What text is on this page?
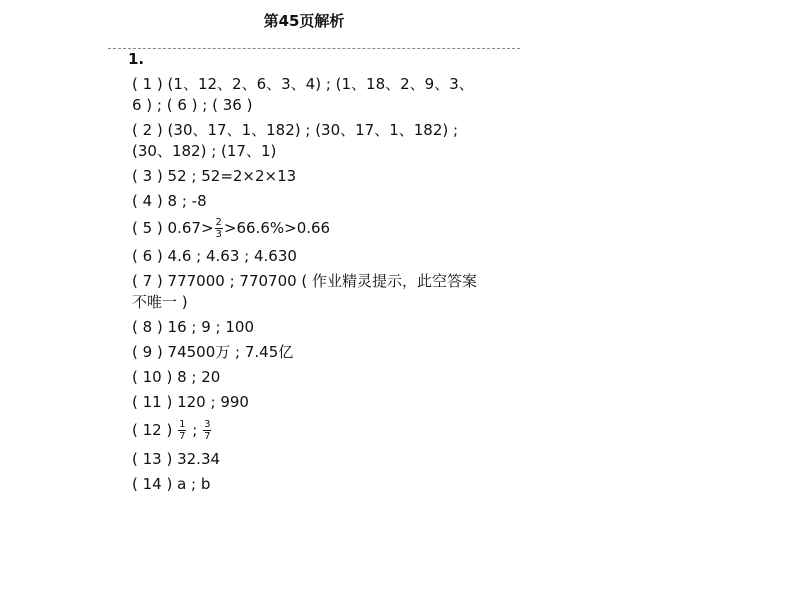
第45页解析
1.
( 1 ) (1、12、2、6、3、4) ; (1、18、2、9、3、
6 ) ; ( 6 ) ; ( 36 )
( 2 ) (30、17、1、182) ; (30、17、1、182) ;
(30、182) ; (17、1)
( 3 ) 52 ; 52=2×2×13
( 4 ) 8 ; -8
( 5 ) $0.67> \frac{2}{3} >66.6\%>0.66$
( 6 ) 4.6 ; 4.63 ; 4.630
( 7 ) 777000 ; 770700 ( 作业精灵提示，此空答案
不唯一 )
( 8 ) 16 ; 9 ; 100
( 9 ) 74500万 ; 7.45亿
( 10 ) 8 ; 20
( 11 ) 120 ; 990
( 12 ) $\frac{1}{7}$ ; $\frac{3}{7}$
( 13 ) 32.34
( 14 ) a ; b
